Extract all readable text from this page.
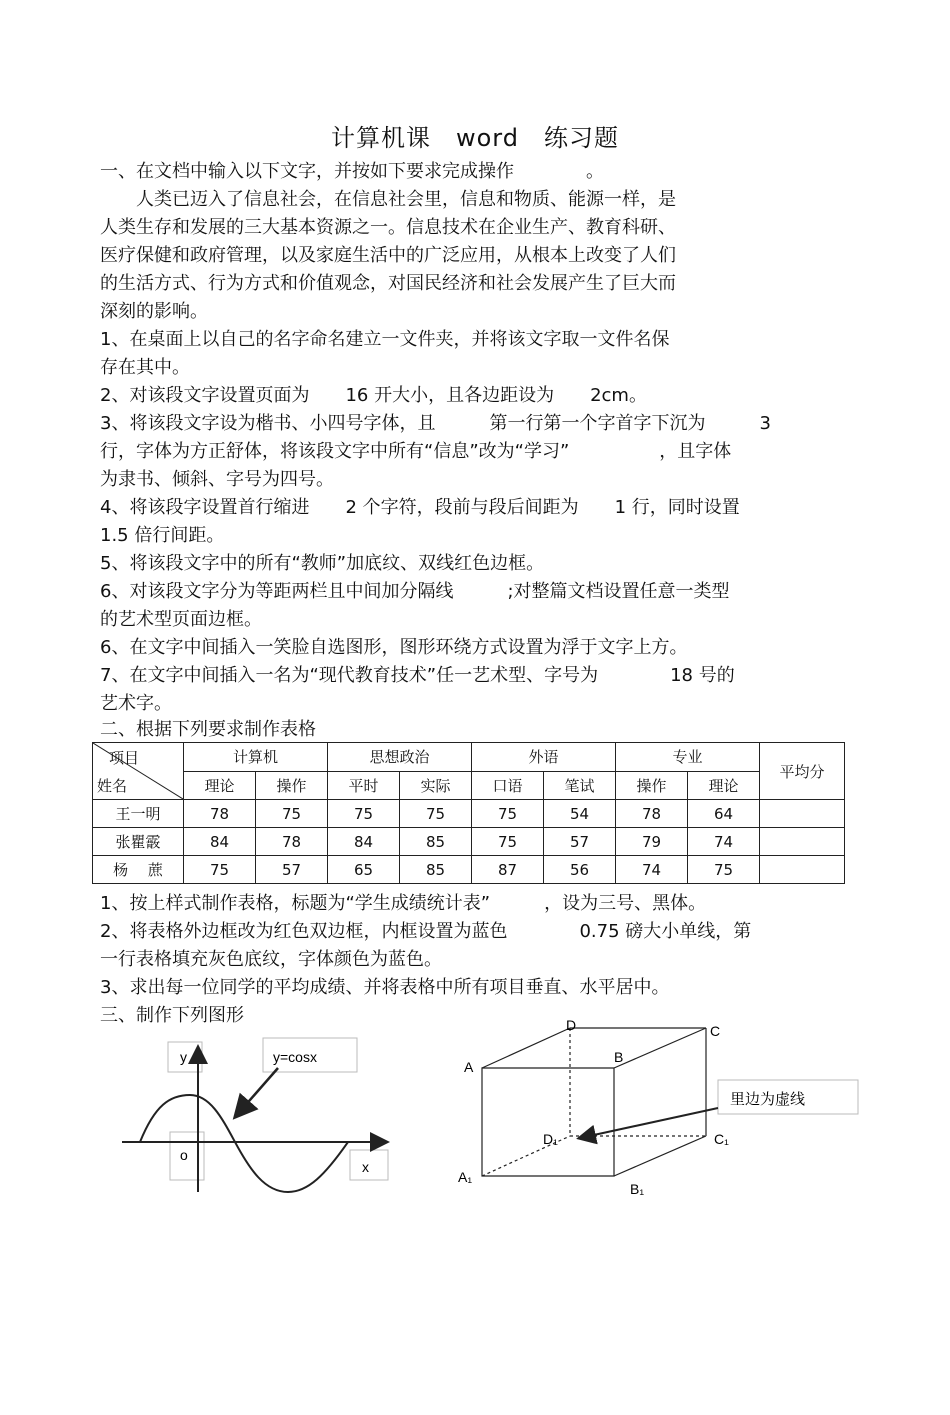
计算机课　word　练习题
一、在文档中输入以下文字，并按如下要求完成操作　　　　。
　　人类已迈入了信息社会，在信息社会里，信息和物质、能源一样，是
人类生存和发展的三大基本资源之一。信息技术在企业生产、教育科研、
医疗保健和政府管理，以及家庭生活中的广泛应用，从根本上改变了人们
的生活方式、行为方式和价值观念，对国民经济和社会发展产生了巨大而
深刻的影响。
1、在桌面上以自己的名字命名建立一文件夹，并将该文字取一文件名保
存在其中。
2、对该段文字设置页面为　　16 开大小，且各边距设为　　2cm。
3、将该段文字设为楷书、小四号字体，且　　　第一行第一个字首字下沉为　　　3
行，字体为方正舒体，将该段文字中所有“信息”改为“学习”　　　　　，且字体
为隶书、倾斜、字号为四号。
4、将该段字设置首行缩进　　2 个字符，段前与段后间距为　　1 行，同时设置
1.5 倍行间距。
5、将该段文字中的所有“教师”加底纹、双线红色边框。
6、对该段文字分为等距两栏且中间加分隔线　　　;对整篇文档设置任意一类型
的艺术型页面边框。
6、在文字中间插入一笑脸自选图形，图形环绕方式设置为浮于文字上方。
7、在文字中间插入一名为“现代教育技术”任一艺术型、字号为　　　　18 号的
艺术字。
二、根据下列要求制作表格
项目
姓名	计算机		思想政治		外语		专业		平均分
	理论	操作	平时	实际	口语	笔试	操作	理论	
王一明	78	75	75	75	75	54	78	64	
张瞿霰	84	78	84	85	75	57	79	74	
杨　 蔗	75	57	65	85	87	56	74	75	
1、按上样式制作表格，标题为“学生成绩统计表”　　　，设为三号、黑体。
2、将表格外边框改为红色双边框，内框设置为蓝色　　　　0.75 磅大小单线，第
一行表格填充灰色底纹，字体颜色为蓝色。
3、求出每一位同学的平均成绩、并将表格中所有项目垂直、水平居中。
三、制作下列图形
y	y=cosx
o
x
里边为虚线
D	C
A
B
D₁	C₁
A₁
B₁
